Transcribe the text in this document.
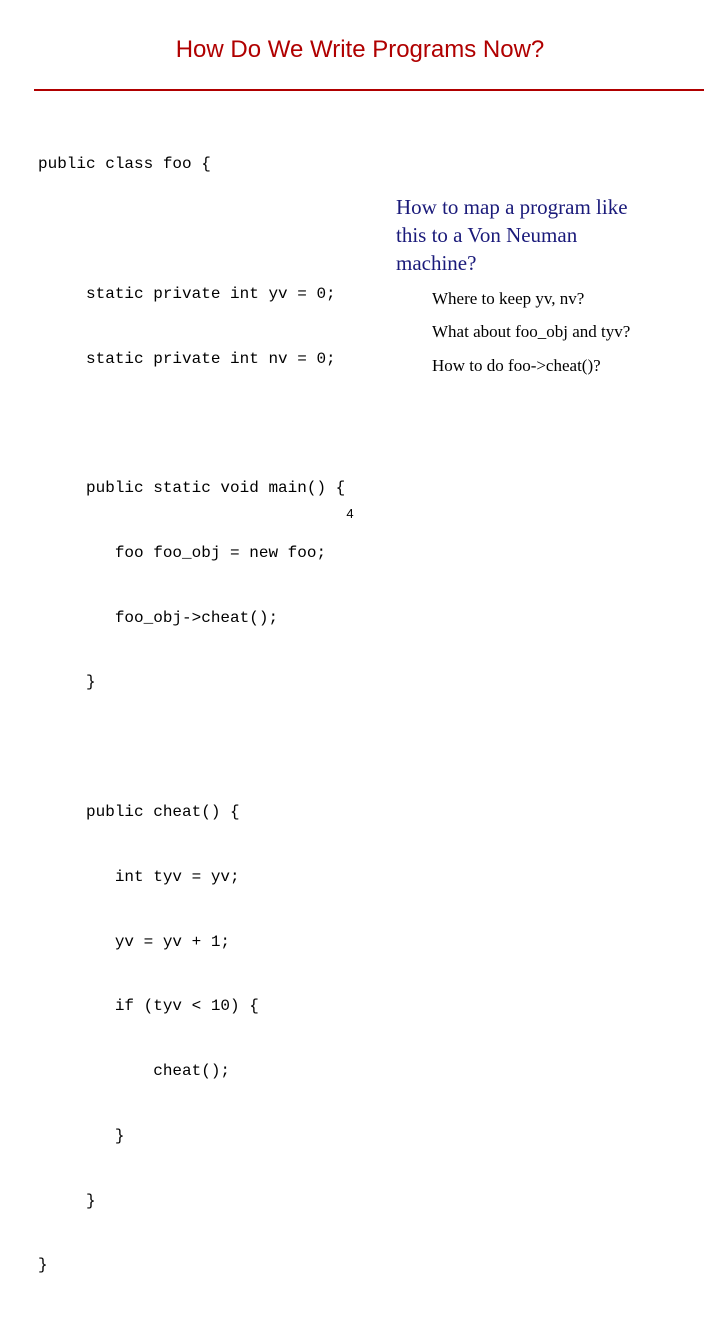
How Do We Write Programs Now?

public class foo {

static private int yv = 0;

static private int nv = 0;

public static void main() {

foo foo_obj = new foo;

foo_obj->cheat();

}

public cheat() {

int tyv = yv;

yv = yv + 1;

if (tyv < 10) {

cheat();

}

}

}

How to map a program like
this to a Von Neuman
machine?
Where to keep yv, nv?
What about foo_obj and tyv?
How to do foo->cheat()?
4
